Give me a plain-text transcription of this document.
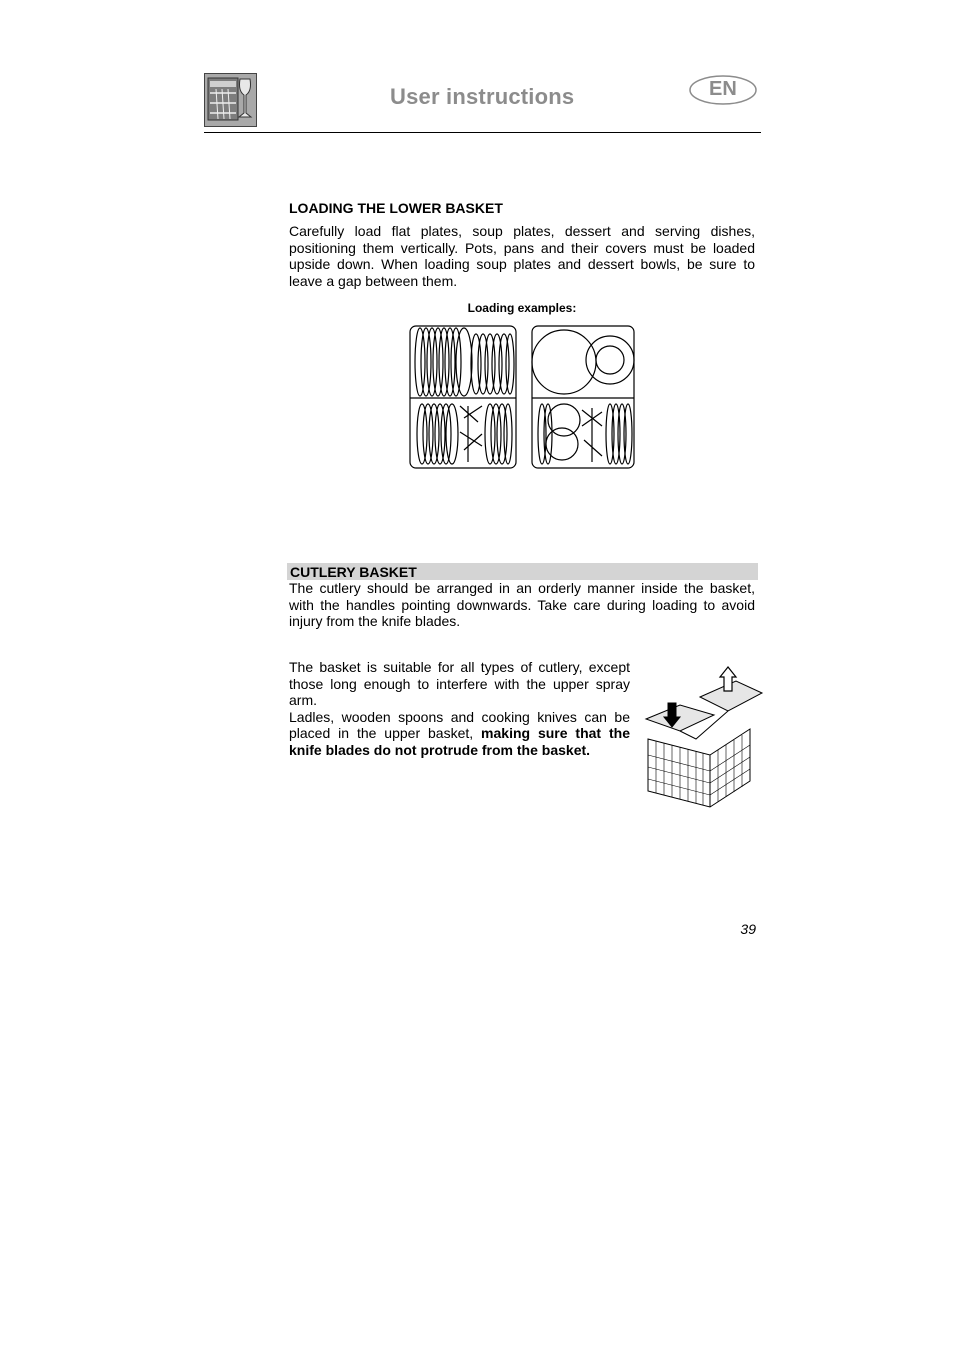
User instructions	EN
LOADING THE LOWER BASKET
Carefully load flat plates, soup plates, dessert and serving dishes, positioning them vertically. Pots, pans and their covers must be loaded upside down. When loading soup plates and dessert bowls, be sure to leave a gap between them.
Loading examples:
CUTLERY BASKET
The cutlery should be arranged in an orderly manner inside the basket, with the handles pointing downwards. Take care during loading to avoid injury from the knife blades.
The basket is suitable for all types of cutlery, except those long enough to interfere with the upper spray arm.
Ladles, wooden spoons and cooking knives can be placed in the upper basket, making sure that the knife blades do not protrude from the basket.
39
